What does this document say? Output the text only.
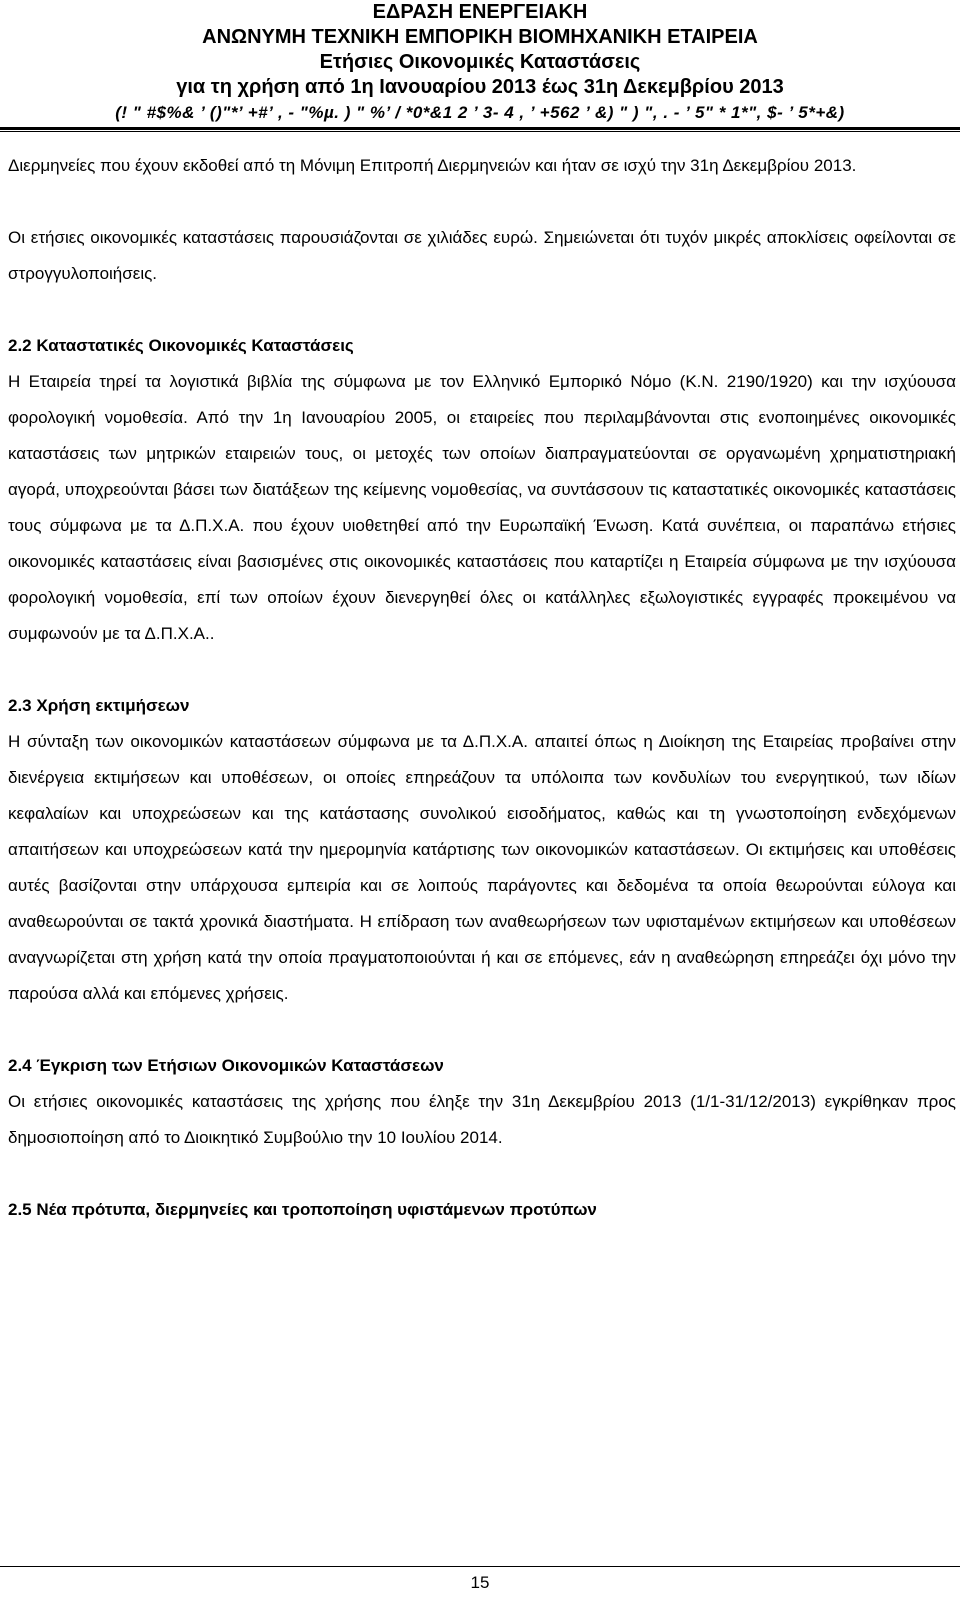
ΕΔΡΑΣΗ ΕΝΕΡΓΕΙΑΚΗ
ΑΝΩΝΥΜΗ ΤΕΧΝΙΚΗ ΕΜΠΟΡΙΚΗ ΒΙΟΜΗΧΑΝΙΚΗ ΕΤΑΙΡΕΙΑ
Ετήσιες Οικονομικές Καταστάσεις
για τη χρήση από 1η Ιανουαρίου 2013 έως 31η Δεκεμβρίου 2013
(! " #$%& ’ ()"*’ +#’ , - "%µ. ) " %’ / *0*&1 2 ’ 3- 4 , ’ +562 ’ &) " ) ", . - ’ 5" * 1*", $- ’ 5*+&)

Διερμηνείες που έχουν εκδοθεί από τη Μόνιμη Επιτροπή Διερμηνειών και ήταν σε ισχύ την 31η Δεκεμβρίου 2013.

Οι ετήσιες οικονομικές καταστάσεις παρουσιάζονται σε χιλιάδες ευρώ. Σημειώνεται ότι τυχόν μικρές αποκλίσεις οφείλονται σε στρογγυλοποιήσεις.

2.2 Καταστατικές Οικονομικές Καταστάσεις

Η Εταιρεία τηρεί τα λογιστικά βιβλία της σύμφωνα με τον Ελληνικό Εμπορικό Νόμο (Κ.Ν. 2190/1920) και την ισχύουσα φορολογική νομοθεσία. Από την 1η Ιανουαρίου 2005, οι εταιρείες που περιλαμβάνονται στις ενοποιημένες οικονομικές καταστάσεις των μητρικών εταιρειών τους, οι μετοχές των οποίων διαπραγματεύονται σε οργανωμένη χρηματιστηριακή αγορά, υποχρεούνται βάσει των διατάξεων της κείμενης νομοθεσίας, να συντάσσουν τις καταστατικές οικονομικές καταστάσεις τους σύμφωνα με τα Δ.Π.Χ.Α. που έχουν υιοθετηθεί από την Ευρωπαϊκή Ένωση. Κατά συνέπεια, οι παραπάνω ετήσιες οικονομικές καταστάσεις είναι βασισμένες στις οικονομικές καταστάσεις που καταρτίζει η Εταιρεία σύμφωνα με την ισχύουσα φορολογική νομοθεσία, επί των οποίων έχουν διενεργηθεί όλες οι κατάλληλες εξωλογιστικές εγγραφές προκειμένου να συμφωνούν με τα Δ.Π.Χ.Α..

2.3 Χρήση εκτιμήσεων

Η σύνταξη των οικονομικών καταστάσεων σύμφωνα με τα Δ.Π.Χ.Α. απαιτεί όπως η Διοίκηση της Εταιρείας προβαίνει στην διενέργεια εκτιμήσεων και υποθέσεων, οι οποίες επηρεάζουν τα υπόλοιπα των κονδυλίων του ενεργητικού, των ιδίων κεφαλαίων και υποχρεώσεων και της κατάστασης συνολικού εισοδήματος, καθώς και τη γνωστοποίηση ενδεχόμενων απαιτήσεων και υποχρεώσεων κατά την ημερομηνία κατάρτισης των οικονομικών καταστάσεων. Οι εκτιμήσεις και υποθέσεις αυτές βασίζονται στην υπάρχουσα εμπειρία και σε λοιπούς παράγοντες και δεδομένα τα οποία θεωρούνται εύλογα και αναθεωρούνται σε τακτά χρονικά διαστήματα. Η επίδραση των αναθεωρήσεων των υφισταμένων εκτιμήσεων και υποθέσεων αναγνωρίζεται στη χρήση κατά την οποία πραγματοποιούνται ή και σε επόμενες, εάν η αναθεώρηση επηρεάζει όχι μόνο την παρούσα αλλά και επόμενες χρήσεις.

2.4 Έγκριση των Ετήσιων Οικονομικών Καταστάσεων

Οι ετήσιες οικονομικές καταστάσεις της χρήσης που έληξε την 31η Δεκεμβρίου 2013 (1/1-31/12/2013) εγκρίθηκαν προς δημοσιοποίηση από το Διοικητικό Συμβούλιο την 10 Ιουλίου 2014.

2.5 Νέα πρότυπα, διερμηνείες και τροποποίηση υφιστάμενων προτύπων

15
